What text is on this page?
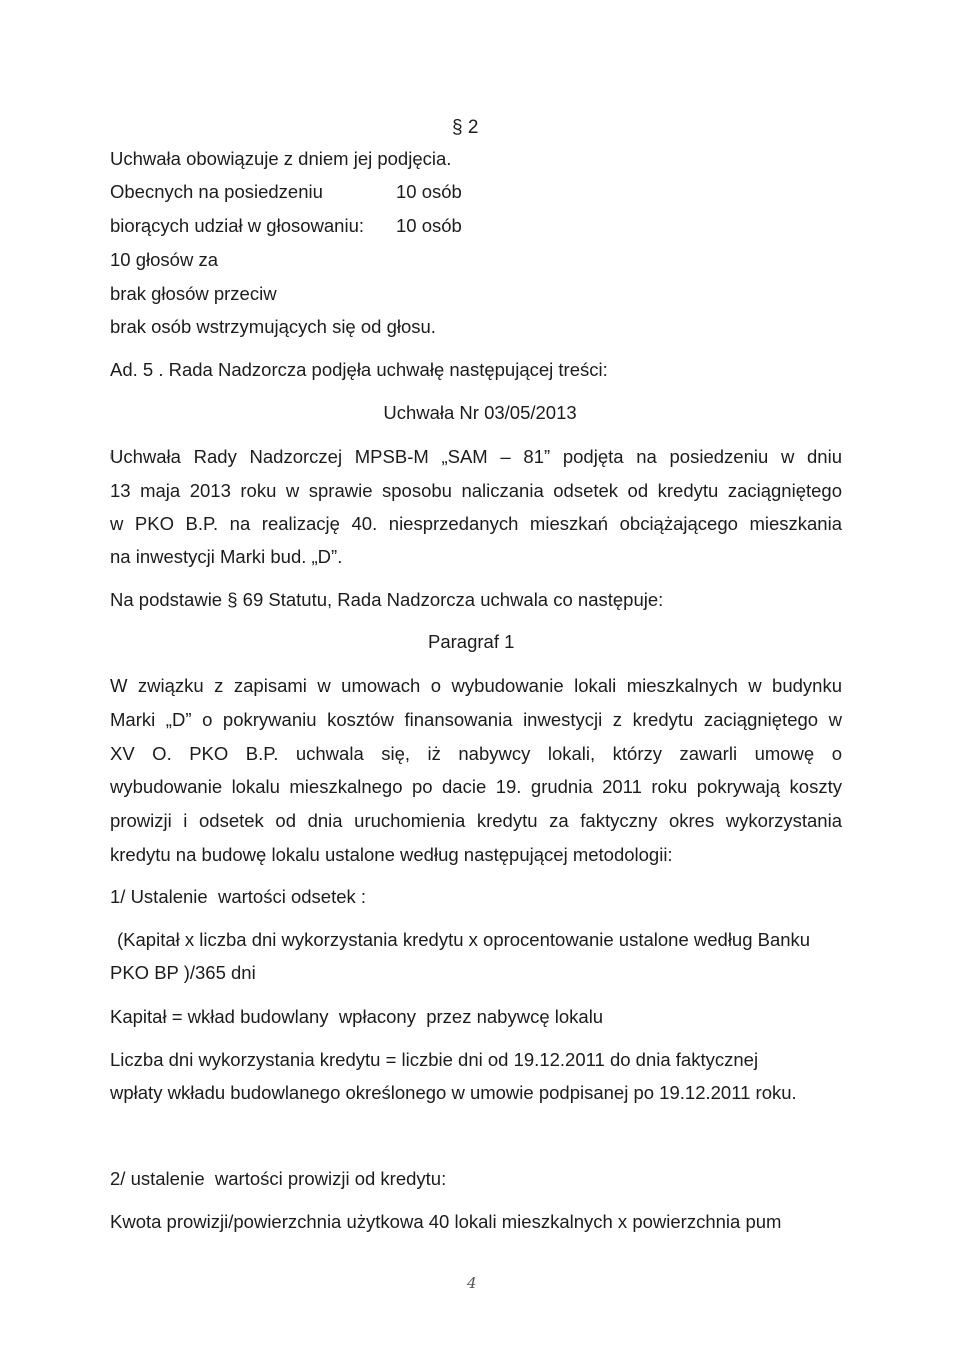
§ 2
Uchwała obowiązuje z dniem jej podjęcia.
Obecnych na posiedzeniu	10 osób
biorących udział w głosowaniu: 10 osób
10 głosów za
brak głosów przeciw
brak osób wstrzymujących się od głosu.
Ad. 5 . Rada Nadzorcza podjęła uchwałę następującej treści:
Uchwała Nr 03/05/2013
Uchwała Rady Nadzorczej MPSB-M „SAM – 81” podjęta na posiedzeniu w dniu
13 maja 2013 roku w sprawie sposobu naliczania odsetek od kredytu zaciągniętego
w PKO B.P. na realizację 40. niesprzedanych mieszkań obciążającego mieszkania
na inwestycji Marki bud. „D”.
Na podstawie § 69 Statutu, Rada Nadzorcza uchwala co następuje:
Paragraf 1
W związku z zapisami w umowach o wybudowanie lokali mieszkalnych w budynku
Marki „D” o pokrywaniu kosztów finansowania inwestycji z kredytu zaciągniętego w
XV O. PKO B.P. uchwala się, iż nabywcy lokali, którzy zawarli umowę o
wybudowanie lokalu mieszkalnego po dacie 19. grudnia 2011 roku pokrywają koszty
prowizji i odsetek od dnia uruchomienia kredytu za faktyczny okres wykorzystania
kredytu na budowę lokalu ustalone według następującej metodologii:
1/ Ustalenie  wartości odsetek :
(Kapitał x liczba dni wykorzystania kredytu x oprocentowanie ustalone według Banku
PKO BP )/365 dni
Kapitał = wkład budowlany  wpłacony  przez nabywcę lokalu
Liczba dni wykorzystania kredytu = liczbie dni od 19.12.2011 do dnia faktycznej
wpłaty wkładu budowlanego określonego w umowie podpisanej po 19.12.2011 roku.
2/ ustalenie  wartości prowizji od kredytu:
Kwota prowizji/powierzchnia użytkowa 40 lokali mieszkalnych x powierzchnia pum
4
